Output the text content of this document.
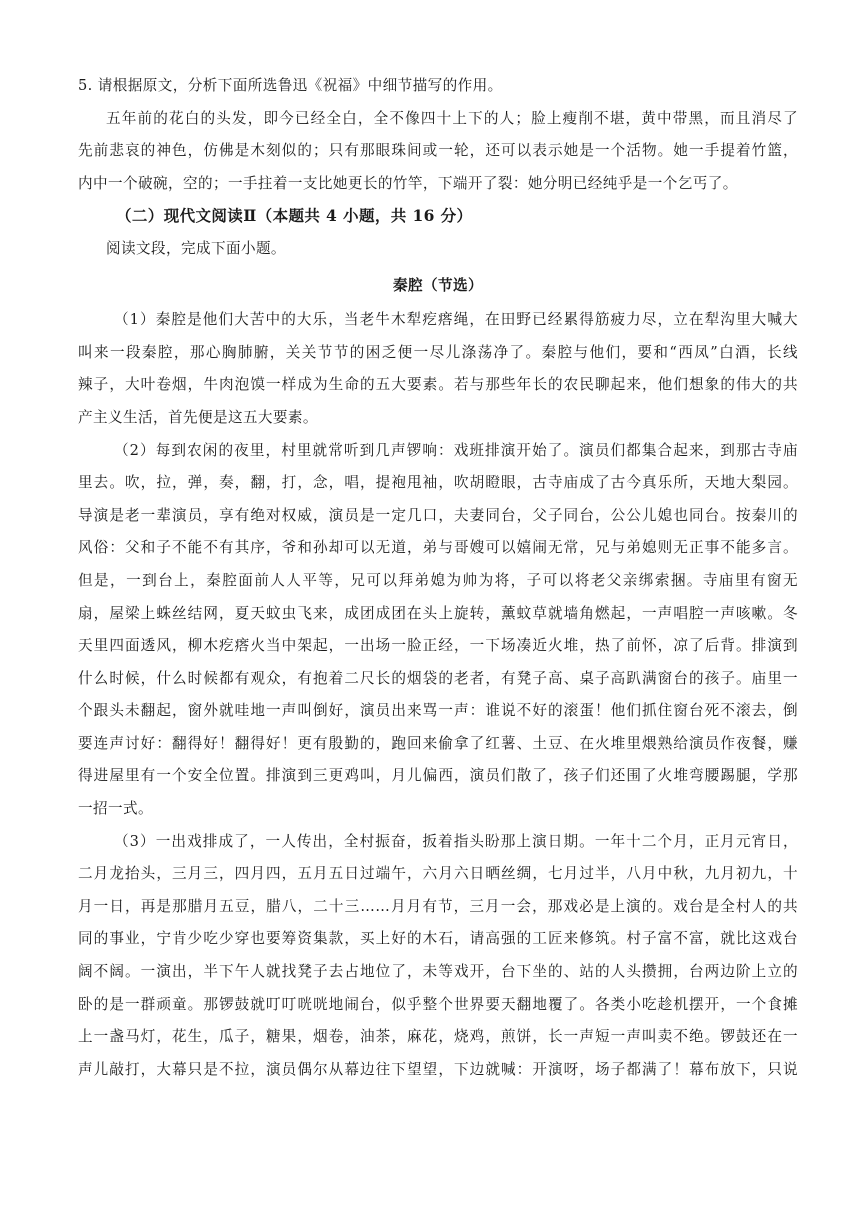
5. 请根据原文，分析下面所选鲁迅《祝福》中细节描写的作用。
五年前的花白的头发，即今已经全白，全不像四十上下的人；脸上瘦削不堪，黄中带黑，而且消尽了
先前悲哀的神色，仿佛是木刻似的；只有那眼珠间或一轮，还可以表示她是一个活物。她一手提着竹篮，
内中一个破碗，空的；一手拄着一支比她更长的竹竿，下端开了裂：她分明已经纯乎是一个乞丐了。
（二）现代文阅读Ⅱ（本题共 4 小题，共 16 分）
阅读文段，完成下面小题。
秦腔（节选）
（1）秦腔是他们大苦中的大乐，当老牛木犁疙瘩绳，在田野已经累得筋疲力尽，立在犁沟里大喊大
叫来一段秦腔，那心胸肺腑，关关节节的困乏便一尽儿涤荡净了。秦腔与他们，要和“西凤”白酒，长线
辣子，大叶卷烟，牛肉泡馍一样成为生命的五大要素。若与那些年长的农民聊起来，他们想象的伟大的共
产主义生活，首先便是这五大要素。
（2）每到农闲的夜里，村里就常听到几声锣响：戏班排演开始了。演员们都集合起来，到那古寺庙
里去。吹，拉，弹，奏，翻，打，念，唱，提袍甩袖，吹胡瞪眼，古寺庙成了古今真乐所，天地大梨园。
导演是老一辈演员，享有绝对权威，演员是一定几口，夫妻同台，父子同台，公公儿媳也同台。按秦川的
风俗：父和子不能不有其序，爷和孙却可以无道，弟与哥嫂可以嬉闹无常，兄与弟媳则无正事不能多言。
但是，一到台上，秦腔面前人人平等，兄可以拜弟媳为帅为将，子可以将老父亲绑索捆。寺庙里有窗无
扇，屋梁上蛛丝结网，夏天蚊虫飞来，成团成团在头上旋转，薰蚊草就墙角燃起，一声唱腔一声咳嗽。冬
天里四面透风，柳木疙瘩火当中架起，一出场一脸正经，一下场凑近火堆，热了前怀，凉了后背。排演到
什么时候，什么时候都有观众，有抱着二尺长的烟袋的老者，有凳子高、桌子高趴满窗台的孩子。庙里一
个跟头未翻起，窗外就哇地一声叫倒好，演员出来骂一声：谁说不好的滚蛋！他们抓住窗台死不滚去，倒
要连声讨好：翻得好！翻得好！更有殷勤的，跑回来偷拿了红薯、土豆、在火堆里煨熟给演员作夜餐，赚
得进屋里有一个安全位置。排演到三更鸡叫，月儿偏西，演员们散了，孩子们还围了火堆弯腰踢腿，学那
一招一式。
（3）一出戏排成了，一人传出，全村振奋，扳着指头盼那上演日期。一年十二个月，正月元宵日，
二月龙抬头，三月三，四月四，五月五日过端午，六月六日晒丝绸，七月过半，八月中秋，九月初九，十
月一日，再是那腊月五豆，腊八，二十三……月月有节，三月一会，那戏必是上演的。戏台是全村人的共
同的事业，宁肯少吃少穿也要筹资集款，买上好的木石，请高强的工匠来修筑。村子富不富，就比这戏台
阔不阔。一演出，半下午人就找凳子去占地位了，未等戏开，台下坐的、站的人头攒拥，台两边阶上立的
卧的是一群顽童。那锣鼓就叮叮咣咣地闹台，似乎整个世界要天翻地覆了。各类小吃趁机摆开，一个食摊
上一盏马灯，花生，瓜子，糖果，烟卷，油茶，麻花，烧鸡，煎饼，长一声短一声叫卖不绝。锣鼓还在一
声儿敲打，大幕只是不拉，演员偶尔从幕边往下望望，下边就喊：开演呀，场子都满了！幕布放下，只说
